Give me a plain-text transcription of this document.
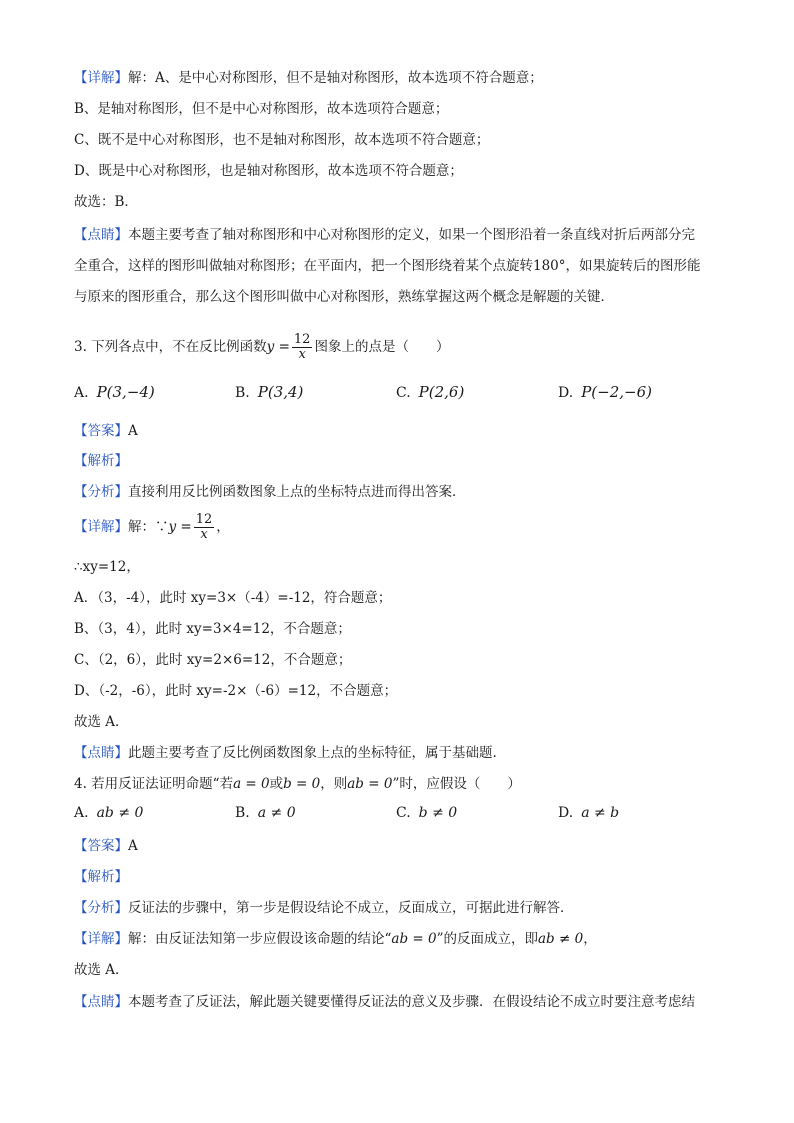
【详解】解：A、是中心对称图形，但不是轴对称图形，故本选项不符合题意；
B、是轴对称图形，但不是中心对称图形，故本选项符合题意；
C、既不是中心对称图形，也不是轴对称图形，故本选项不符合题意；
D、既是中心对称图形，也是轴对称图形，故本选项不符合题意；
故选：B．
【点睛】本题主要考查了轴对称图形和中心对称图形的定义，如果一个图形沿着一条直线对折后两部分完
全重合，这样的图形叫做轴对称图形；在平面内，把一个图形绕着某个点旋转180°，如果旋转后的图形能
与原来的图形重合，那么这个图形叫做中心对称图形，熟练掌握这两个概念是解题的关键．
3. 下列各点中，不在反比例函数$y = \frac{12}{x}$ 图象上的点是（　　）
A. P(3,−4)	B. P(3,4)	C. P(2,6)	D. P(−2,−6)
【答案】A
【解析】
【分析】直接利用反比例函数图象上点的坐标特点进而得出答案．
【详解】解：∵y = $\frac{12}{x}$ ，
∴xy=12，
A．（3，-4），此时 xy=3×（-4）=-12，符合题意；
B、（3，4），此时 xy=3×4=12，不合题意；
C、（2，6），此时 xy=2×6=12，不合题意；
D、（-2，-6），此时 xy=-2×（-6）=12，不合题意；
故选 A．
【点睛】此题主要考查了反比例函数图象上点的坐标特征，属于基础题.
4. 若用反证法证明命题“若a = 0或b = 0，则ab = 0”时，应假设（　　）
A. ab ≠ 0	B. a ≠ 0	C. b ≠ 0	D. a ≠ b
【答案】A
【解析】
【分析】反证法的步骤中，第一步是假设结论不成立，反面成立，可据此进行解答．
【详解】解：由反证法知第一步应假设该命题的结论“ab = 0”的反面成立，即ab ≠ 0，
故选 A．
【点睛】本题考查了反证法，解此题关键要懂得反证法的意义及步骤．在假设结论不成立时要注意考虑结
